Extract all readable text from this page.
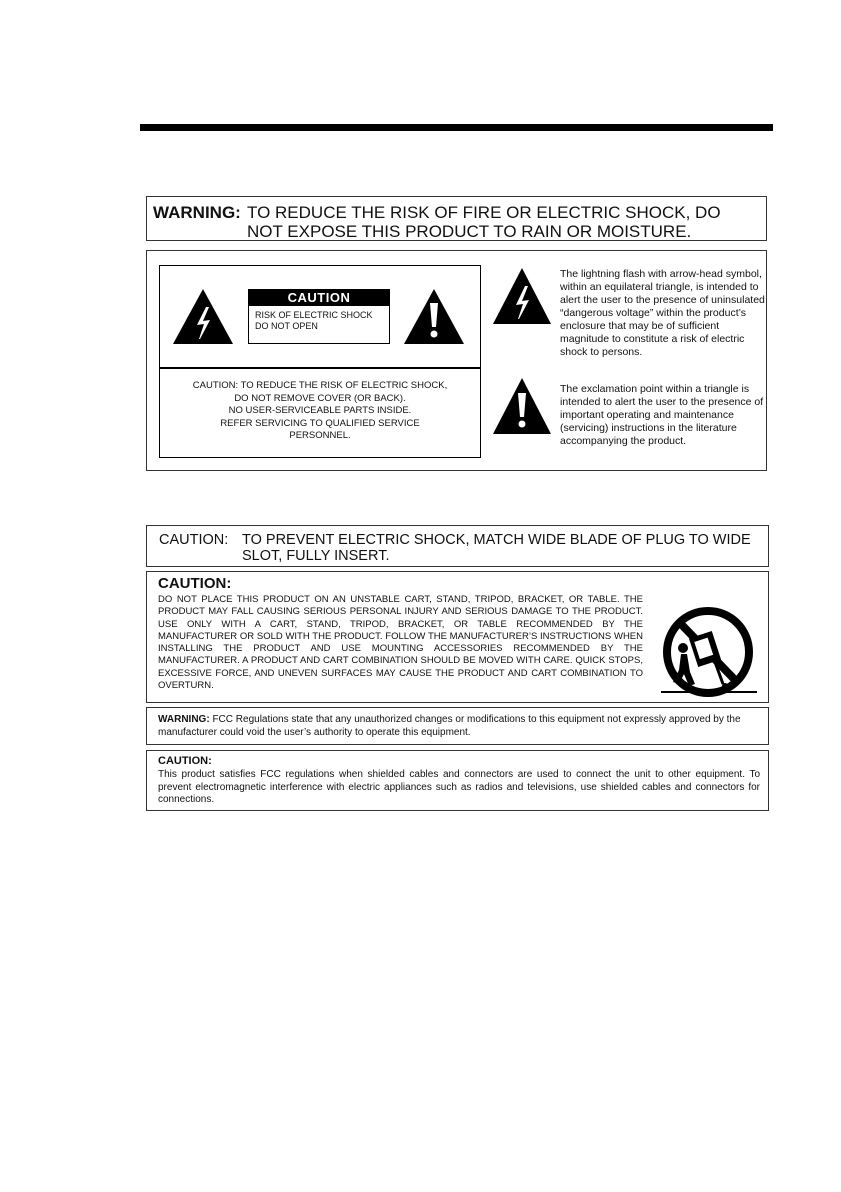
WARNING: TO REDUCE THE RISK OF FIRE OR ELECTRIC SHOCK, DO NOT EXPOSE THIS PRODUCT TO RAIN OR MOISTURE.
CAUTION
RISK OF ELECTRIC SHOCK
DO NOT OPEN
CAUTION: TO REDUCE THE RISK OF ELECTRIC SHOCK,
DO NOT REMOVE COVER (OR BACK).
NO USER-SERVICEABLE PARTS INSIDE.
REFER SERVICING TO QUALIFIED SERVICE
PERSONNEL.
The lightning flash with arrow-head symbol, within an equilateral triangle, is intended to alert the user to the presence of uninsulated “dangerous voltage” within the product’s enclosure that may be of sufficient magnitude to constitute a risk of electric shock to persons.
The exclamation point within a triangle is intended to alert the user to the presence of important operating and maintenance (servicing) instructions in the literature accompanying the product.
CAUTION: TO PREVENT ELECTRIC SHOCK, MATCH WIDE BLADE OF PLUG TO WIDE SLOT, FULLY INSERT.
CAUTION:
DO NOT PLACE THIS PRODUCT ON AN UNSTABLE CART, STAND, TRIPOD, BRACKET, OR TABLE. THE PRODUCT MAY FALL CAUSING SERIOUS PERSONAL INJURY AND SERIOUS DAMAGE TO THE PRODUCT. USE ONLY WITH A CART, STAND, TRIPOD, BRACKET, OR TABLE RECOMMENDED BY THE MANUFACTURER OR SOLD WITH THE PRODUCT. FOLLOW THE MANUFACTURER’S INSTRUCTIONS WHEN INSTALLING THE PRODUCT AND USE MOUNTING ACCESSORIES RECOMMENDED BY THE MANUFACTURER. A PRODUCT AND CART COMBINATION SHOULD BE MOVED WITH CARE. QUICK STOPS, EXCESSIVE FORCE, AND UNEVEN SURFACES MAY CAUSE THE PRODUCT AND CART COMBINATION TO OVERTURN.
WARNING: FCC Regulations state that any unauthorized changes or modifications to this equipment not expressly approved by the manufacturer could void the user’s authority to operate this equipment.
CAUTION:
This product satisfies FCC regulations when shielded cables and connectors are used to connect the unit to other equipment. To prevent electromagnetic interference with electric appliances such as radios and televisions, use shielded cables and connectors for connections.
